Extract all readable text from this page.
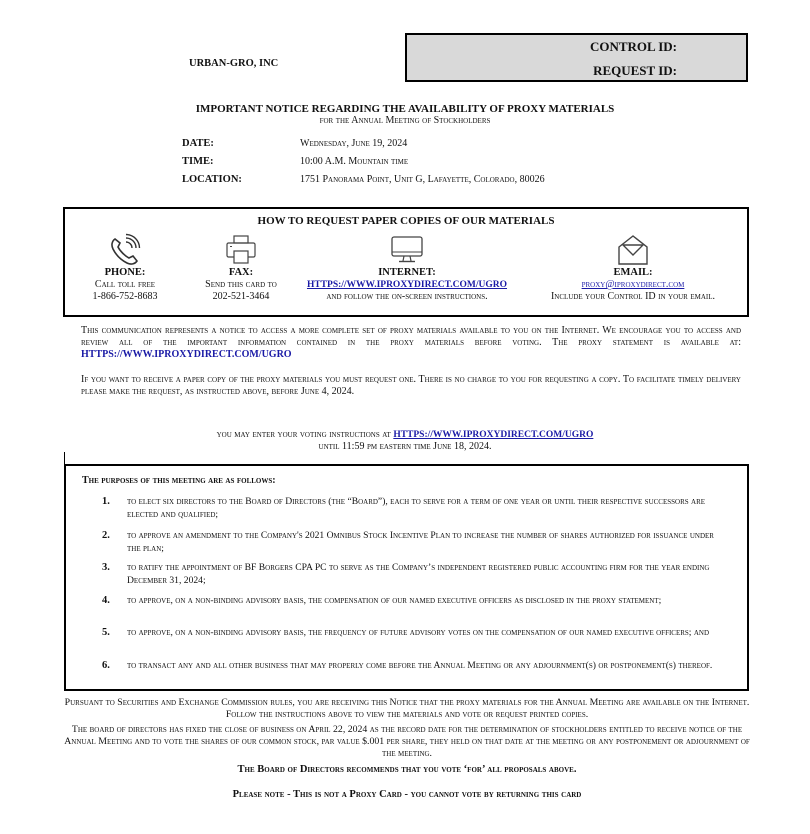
URBAN-GRO, INC
CONTROL ID:
REQUEST ID:
IMPORTANT NOTICE REGARDING THE AVAILABILITY OF PROXY MATERIALS
for the Annual Meeting of Stockholders
DATE:	Wednesday, June 19, 2024
TIME:	10:00 A.M. Mountain time
LOCATION:	1751 Panorama Point, Unit G, Lafayette, Colorado, 80026
HOW TO REQUEST PAPER COPIES OF OUR MATERIALS
PHONE:
Call toll free
1-866-752-8683
FAX:
Send this card to
202-521-3464
INTERNET:
HTTPS://WWW.IPROXYDIRECT.COM/UGRO
and follow the on-screen instructions.
EMAIL:
proxy@iproxydirect.com
Include your Control ID in your email.
This communication represents a notice to access a more complete set of proxy materials available to you on the Internet. We encourage you to access and review all of the important information contained in the proxy materials before voting. The proxy statement is available at: HTTPS://WWW.IPROXYDIRECT.COM/UGRO
If you want to receive a paper copy of the proxy materials you must request one. There is no charge to you for requesting a copy. To facilitate timely delivery please make the request, as instructed above, before June 4, 2024.
you may enter your voting instructions at HTTPS://WWW.IPROXYDIRECT.COM/UGRO
until 11:59 pm eastern time June 18, 2024.
The purposes of this meeting are as follows:
1. to elect six directors to the Board of Directors (the “Board”), each to serve for a term of one year or until their respective successors are elected and qualified;
2. to approve an amendment to the Company's 2021 Omnibus Stock Incentive Plan to increase the number of shares authorized for issuance under the plan;
3. to ratify the appointment of BF Borgers CPA PC to serve as the Company’s independent registered public accounting firm for the year ending December 31, 2024;
4. to approve, on a non-binding advisory basis, the compensation of our named executive officers as disclosed in the proxy statement;
5. to approve, on a non-binding advisory basis, the frequency of future advisory votes on the compensation of our named executive officers; and
6. to transact any and all other business that may properly come before the Annual Meeting or any adjournment(s) or postponement(s) thereof.
Pursuant to Securities and Exchange Commission rules, you are receiving this Notice that the proxy materials for the Annual Meeting are available on the Internet. Follow the instructions above to view the materials and vote or request printed copies.
The board of directors has fixed the close of business on April 22, 2024 as the record date for the determination of stockholders entitled to receive notice of the Annual Meeting and to vote the shares of our common stock, par value $.001 per share, they held on that date at the meeting or any postponement or adjournment of the meeting.
The Board of Directors recommends that you vote ‘for’ all proposals above.
Please note - This is not a Proxy Card - you cannot vote by returning this card
